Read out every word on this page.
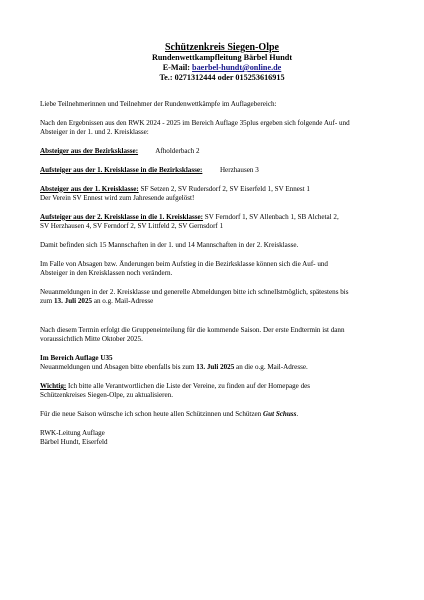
Schützenkreis Siegen-Olpe
Rundenwettkampfleitung Bärbel Hundt
E-Mail: baerbel-hundt@online.de
Te.: 0271312444 oder 015253616915

Liebe Teilnehmerinnen und Teilnehmer der Rundenwettkämpfe im Auflagebereich:

Nach den Ergebnissen aus den RWK 2024 - 2025 im Bereich Auflage 35plus ergeben sich folgende Auf- und
Absteiger in der 1. und 2. Kreisklasse:

Absteiger aus der Bezirksklasse: Afholderbach 2

Aufsteiger aus der 1. Kreisklasse in die Bezirksklasse: Herzhausen 3

Absteiger aus der 1. Kreisklasse: SF Setzen 2, SV Rudersdorf 2, SV Eiserfeld 1, SV Ennest 1
Der Verein SV Ennest wird zum Jahresende aufgelöst!

Aufsteiger aus der 2. Kreisklasse in die 1. Kreisklasse: SV Ferndorf 1, SV Allenbach 1, SB Alchetal 2,
SV Herzhausen 4, SV Ferndorf 2, SV Littfeld 2, SV Gernsdorf 1

Damit befinden sich 15 Mannschaften in der 1. und 14 Mannschaften in der 2. Kreisklasse.

Im Falle von Absagen bzw. Änderungen beim Aufstieg in die Bezirksklasse können sich die Auf- und
Absteiger in den Kreisklassen noch verändern.

Neuanmeldungen in der 2. Kreisklasse und generelle Abmeldungen bitte ich schnellstmöglich, spätestens bis
zum 13. Juli 2025 an o.g. Mail-Adresse

Nach diesem Termin erfolgt die Gruppeneinteilung für die kommende Saison. Der erste Endtermin ist dann
voraussichtlich Mitte Oktober 2025.

Im Bereich Auflage U35
Neuanmeldungen und Absagen bitte ebenfalls bis zum 13. Juli 2025 an die o.g. Mail-Adresse.

Wichtig: Ich bitte alle Verantwortlichen die Liste der Vereine, zu finden auf der Homepage des
Schützenkreises Siegen-Olpe, zu aktualisieren.

Für die neue Saison wünsche ich schon heute allen Schützinnen und Schützen Gut Schuss.

RWK-Leitung Auflage
Bärbel Hundt, Eiserfeld
